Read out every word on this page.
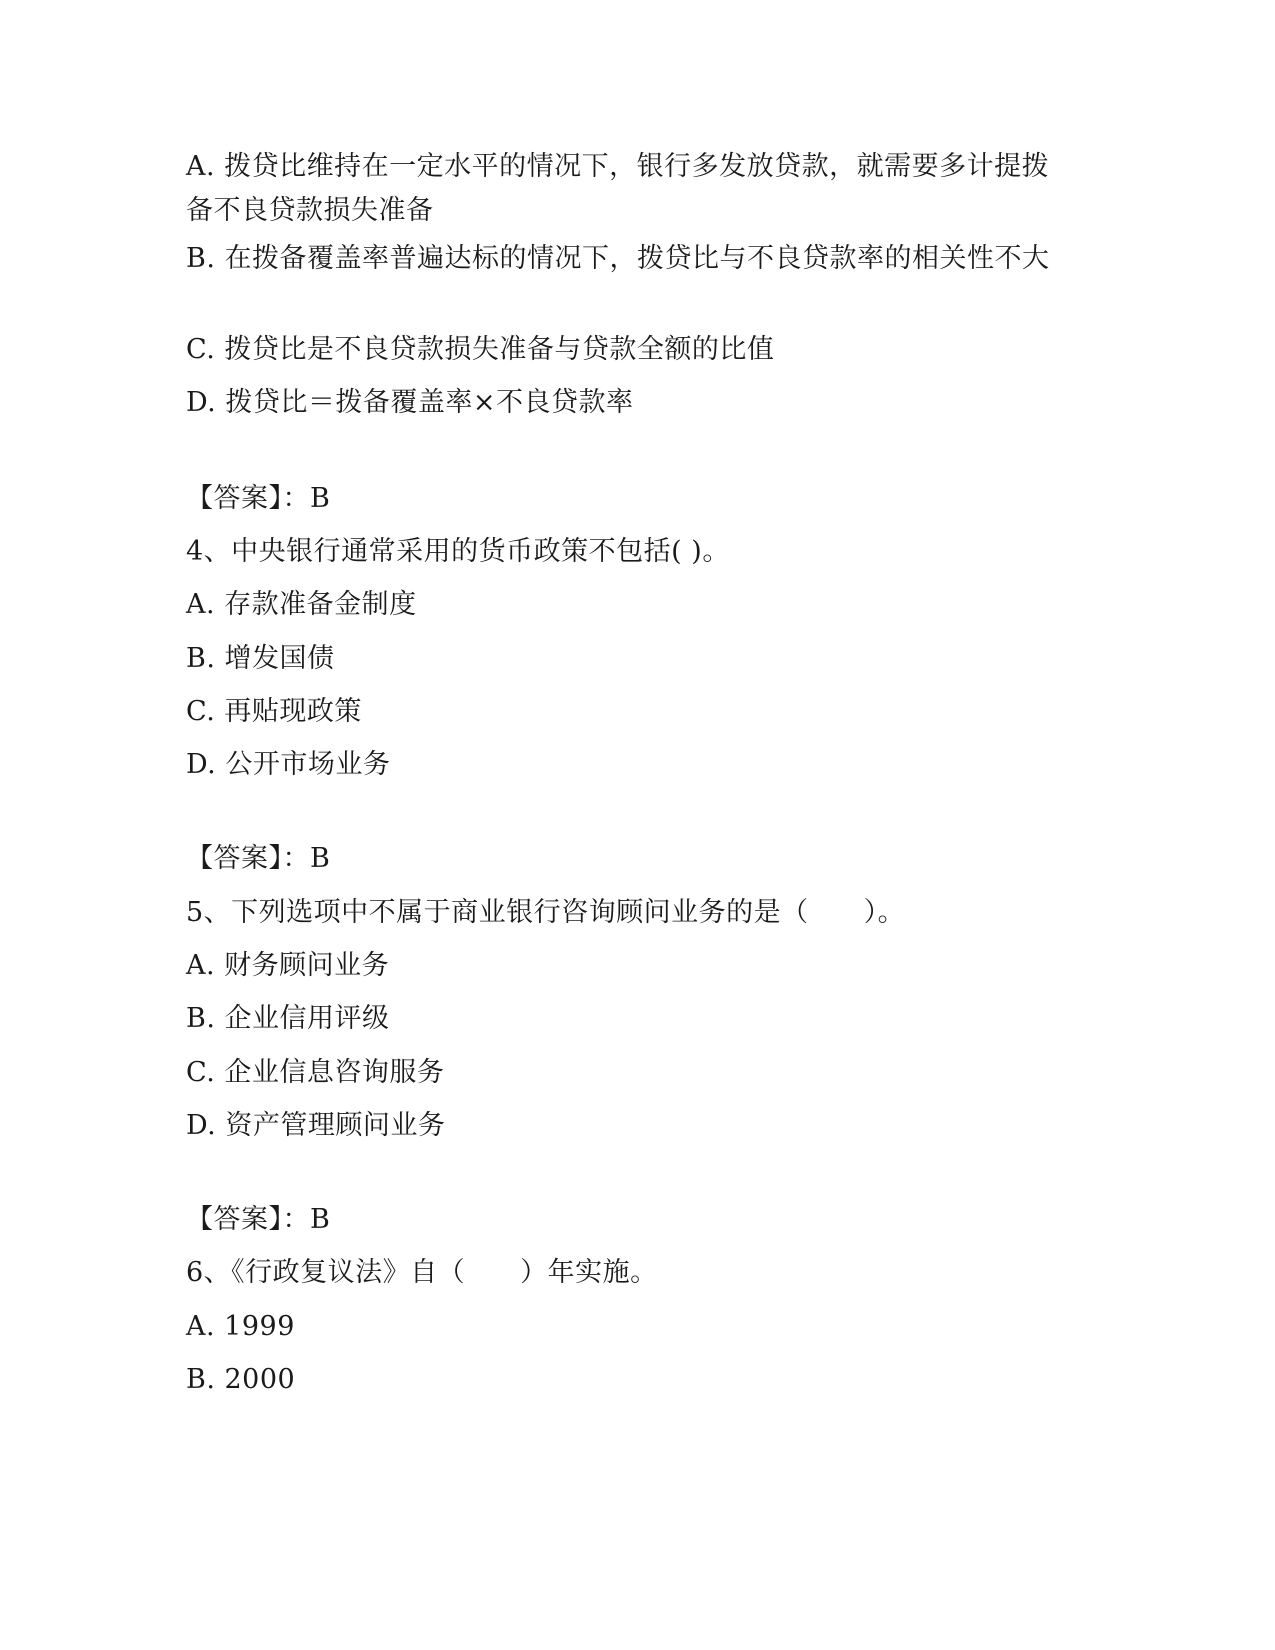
A. 拨贷比维持在一定水平的情况下，银行多发放贷款，就需要多计提拨备不良贷款损失准备
B. 在拨备覆盖率普遍达标的情况下，拨贷比与不良贷款率的相关性不大
C. 拨贷比是不良贷款损失准备与贷款全额的比值
D. 拨贷比＝拨备覆盖率×不良贷款率
【答案】：B
4、中央银行通常采用的货币政策不包括( )。
A. 存款准备金制度
B. 增发国债
C. 再贴现政策
D. 公开市场业务
【答案】：B
5、下列选项中不属于商业银行咨询顾问业务的是（　　）。
A. 财务顾问业务
B. 企业信用评级
C. 企业信息咨询服务
D. 资产管理顾问业务
【答案】：B
6、《行政复议法》自（　　）年实施。
A. 1999
B. 2000
